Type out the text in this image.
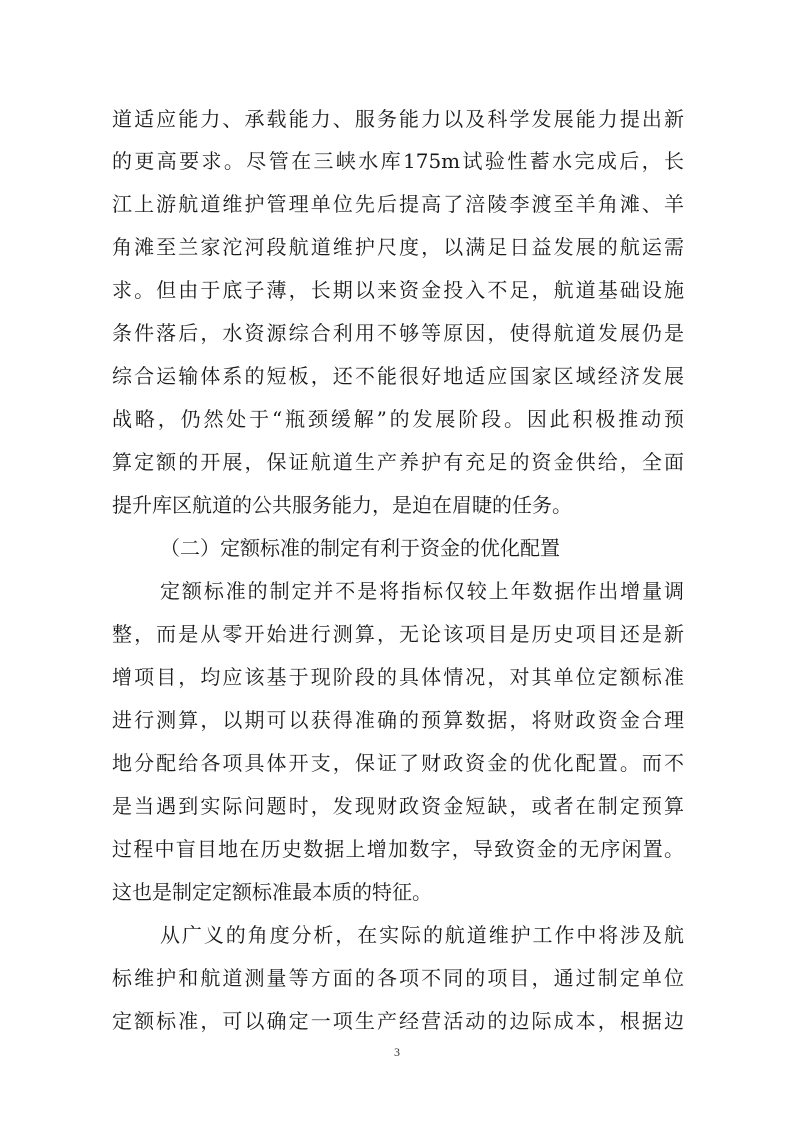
道适应能力、承载能力、服务能力以及科学发展能力提出新
的更高要求。尽管在三峡水库175m试验性蓄水完成后，长
江上游航道维护管理单位先后提高了涪陵李渡至羊角滩、羊
角滩至兰家沱河段航道维护尺度，以满足日益发展的航运需
求。但由于底子薄，长期以来资金投入不足，航道基础设施
条件落后，水资源综合利用不够等原因，使得航道发展仍是
综合运输体系的短板，还不能很好地适应国家区域经济发展
战略，仍然处于“瓶颈缓解”的发展阶段。因此积极推动预
算定额的开展，保证航道生产养护有充足的资金供给，全面
提升库区航道的公共服务能力，是迫在眉睫的任务。
（二）定额标准的制定有利于资金的优化配置
定额标准的制定并不是将指标仅较上年数据作出增量调
整，而是从零开始进行测算，无论该项目是历史项目还是新
增项目，均应该基于现阶段的具体情况，对其单位定额标准
进行测算，以期可以获得准确的预算数据，将财政资金合理
地分配给各项具体开支，保证了财政资金的优化配置。而不
是当遇到实际问题时，发现财政资金短缺，或者在制定预算
过程中盲目地在历史数据上增加数字，导致资金的无序闲置。
这也是制定定额标准最本质的特征。
从广义的角度分析，在实际的航道维护工作中将涉及航
标维护和航道测量等方面的各项不同的项目，通过制定单位
定额标准，可以确定一项生产经营活动的边际成本，根据边
3
